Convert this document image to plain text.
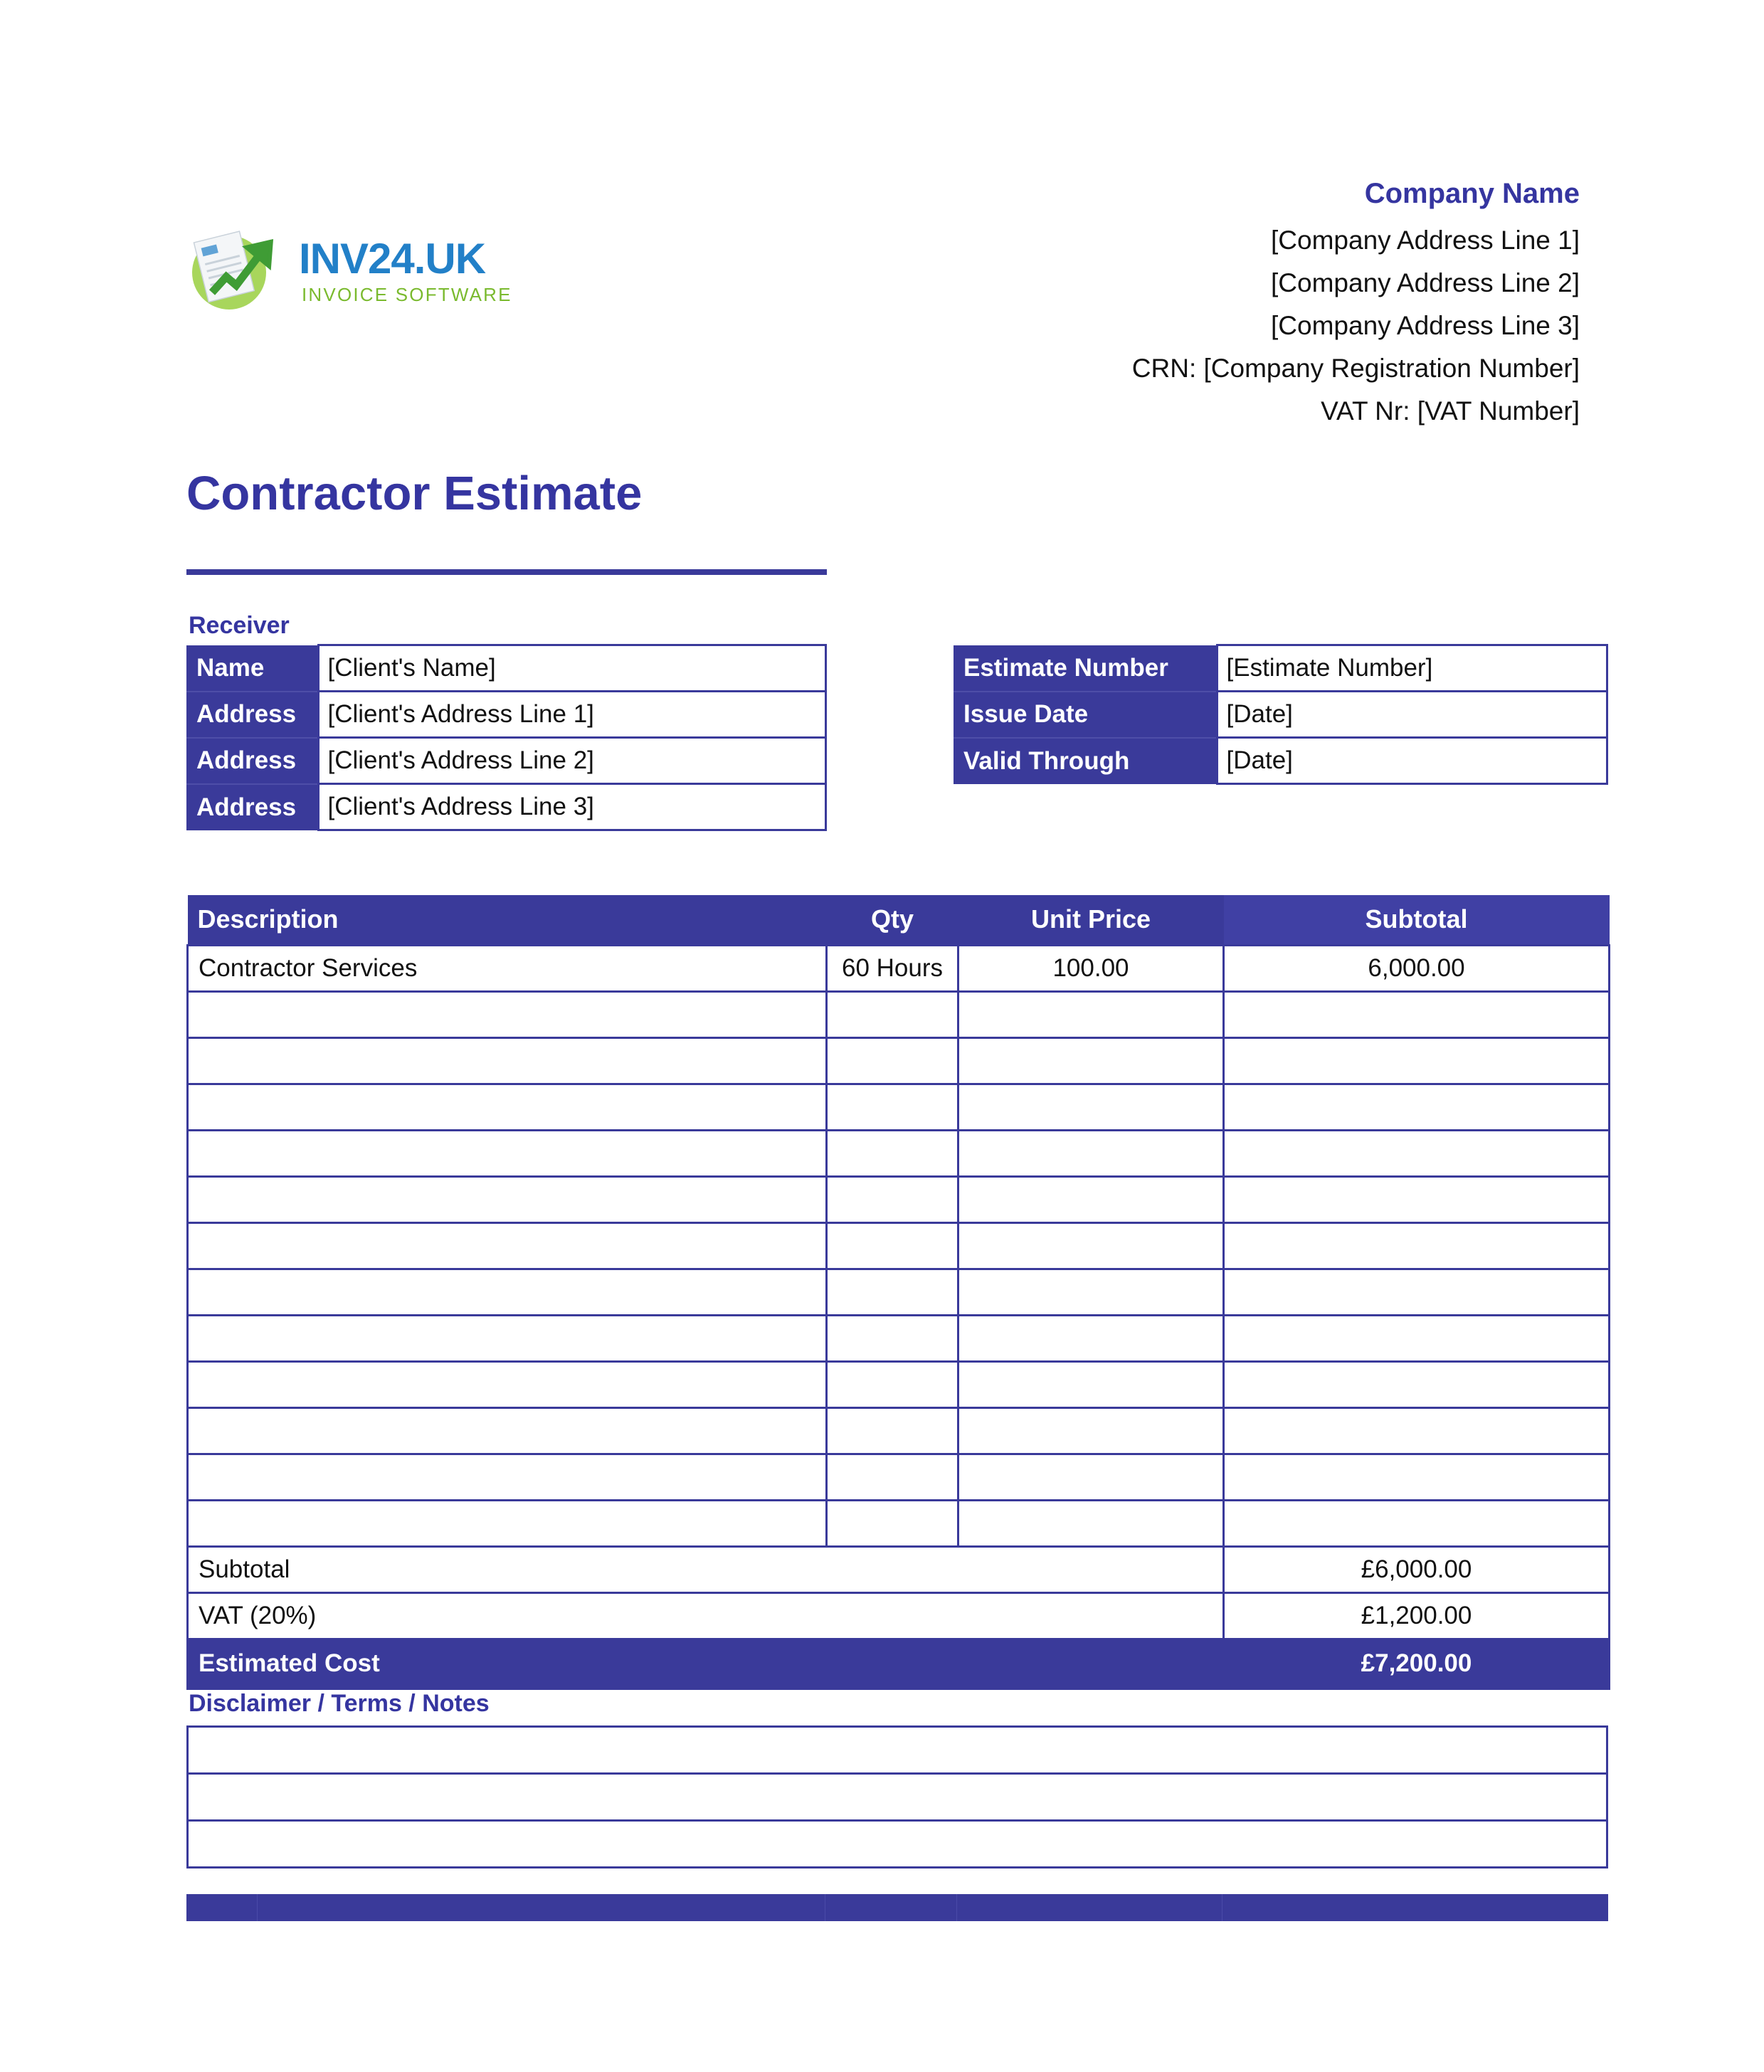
INV24.UK
INVOICE SOFTWARE
Company Name
[Company Address Line 1]
[Company Address Line 2]
[Company Address Line 3]
CRN: [Company Registration Number]
VAT Nr: [VAT Number]
Contractor Estimate
Receiver
Name	[Client's Name]
Address	[Client's Address Line 1]
Address	[Client's Address Line 2]
Address	[Client's Address Line 3]
Estimate Number	[Estimate Number]
Issue Date	[Date]
Valid Through	[Date]
Description	Qty	Unit Price	Subtotal
Contractor Services	60 Hours	100.00	6,000.00

Subtotal			£6,000.00
VAT (20%)			£1,200.00
Estimated Cost			£7,200.00
Disclaimer / Terms / Notes
